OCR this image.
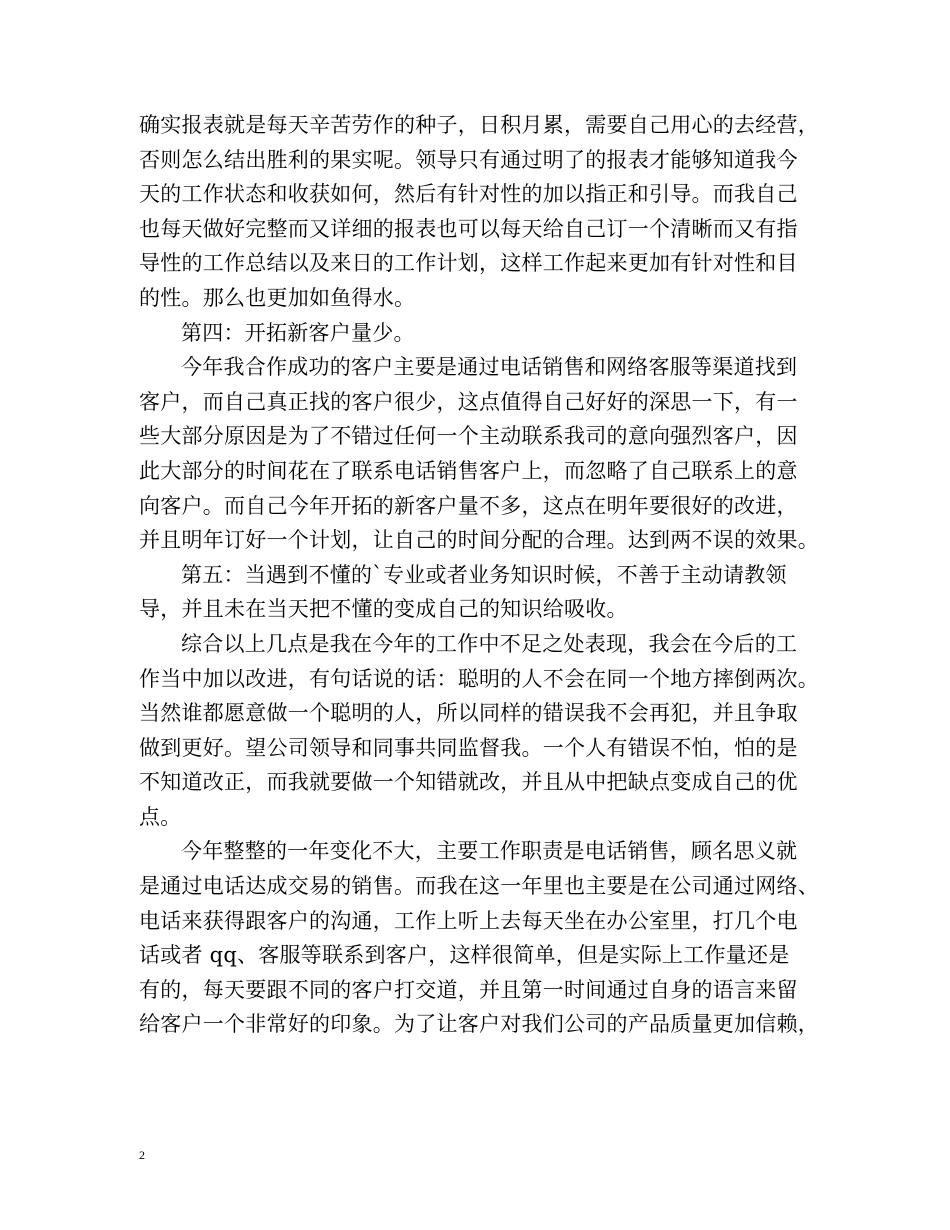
确实报表就是每天辛苦劳作的种子，日积月累，需要自己用心的去经营，
否则怎么结出胜利的果实呢。领导只有通过明了的报表才能够知道我今
天的工作状态和收获如何，然后有针对性的加以指正和引导。而我自己
也每天做好完整而又详细的报表也可以每天给自己订一个清晰而又有指
导性的工作总结以及来日的工作计划，这样工作起来更加有针对性和目
的性。那么也更加如鱼得水。
第四：开拓新客户量少。
今年我合作成功的客户主要是通过电话销售和网络客服等渠道找到
客户，而自己真正找的客户很少，这点值得自己好好的深思一下，有一
些大部分原因是为了不错过任何一个主动联系我司的意向强烈客户，因
此大部分的时间花在了联系电话销售客户上，而忽略了自己联系上的意
向客户。而自己今年开拓的新客户量不多，这点在明年要很好的改进，
并且明年订好一个计划，让自己的时间分配的合理。达到两不误的效果。
第五：当遇到不懂的`专业或者业务知识时候，不善于主动请教领
导，并且未在当天把不懂的变成自己的知识给吸收。
综合以上几点是我在今年的工作中不足之处表现，我会在今后的工
作当中加以改进，有句话说的话：聪明的人不会在同一个地方摔倒两次。
当然谁都愿意做一个聪明的人，所以同样的错误我不会再犯，并且争取
做到更好。望公司领导和同事共同监督我。一个人有错误不怕，怕的是
不知道改正，而我就要做一个知错就改，并且从中把缺点变成自己的优
点。
今年整整的一年变化不大，主要工作职责是电话销售，顾名思义就
是通过电话达成交易的销售。而我在这一年里也主要是在公司通过网络、
电话来获得跟客户的沟通，工作上听上去每天坐在办公室里，打几个电
话或者 qq、客服等联系到客户，这样很简单，但是实际上工作量还是
有的，每天要跟不同的客户打交道，并且第一时间通过自身的语言来留
给客户一个非常好的印象。为了让客户对我们公司的产品质量更加信赖，
2
